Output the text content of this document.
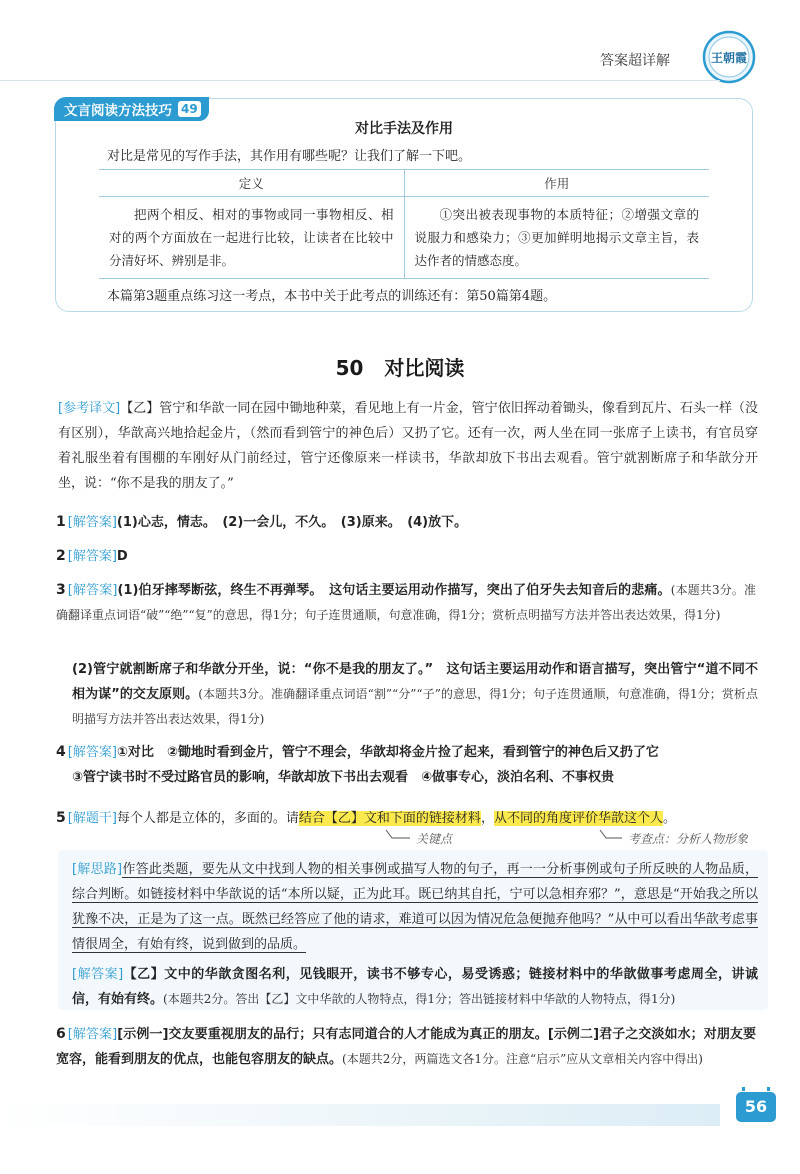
答案超详解	王朝霞
文言阅读方法技巧 49
对比手法及作用
对比是常见的写作手法，其作用有哪些呢？让我们了解一下吧。
定义	作用
把两个相反、相对的事物或同一事物相反、相对的两个方面放在一起进行比较，让读者在比较中分清好坏、辨别是非。	①突出被表现事物的本质特征；②增强文章的说服力和感染力；③更加鲜明地揭示文章主旨，表达作者的情感态度。
本篇第3题重点练习这一考点，本书中关于此考点的训练还有：第50篇第4题。
50 对比阅读
[参考译文]【乙】管宁和华歆一同在园中锄地种菜，看见地上有一片金，管宁依旧挥动着锄头，像看到瓦片、石头一样（没有区别），华歆高兴地拾起金片，（然而看到管宁的神色后）又扔了它。还有一次，两人坐在同一张席子上读书，有官员穿着礼服坐着有围棚的车刚好从门前经过，管宁还像原来一样读书，华歆却放下书出去观看。管宁就割断席子和华歆分开坐，说：“你不是我的朋友了。”
1 [解答案](1)心志，情志。　(2)一会儿，不久。　(3)原来。　(4)放下。
2 [解答案]D
3 [解答案](1)伯牙摔琴断弦，终生不再弹琴。　这句话主要运用动作描写，突出了伯牙失去知音后的悲痛。(本题共3分。准确翻译重点词语“破”“绝”“复”的意思，得1分；句子连贯通顺，句意准确，得1分；赏析点明描写方法并答出表达效果，得1分)
(2)管宁就割断席子和华歆分开坐，说：“你不是我的朋友了。”　这句话主要运用动作和语言描写，突出管宁“道不同不相为谋”的交友原则。(本题共3分。准确翻译重点词语“割”“分”“子”的意思，得1分；句子连贯通顺，句意准确，得1分；赏析点明描写方法并答出表达效果，得1分)
4 [解答案]①对比　②锄地时看到金片，管宁不理会，华歆却将金片捡了起来，看到管宁的神色后又扔了它
③管宁读书时不受过路官员的影响，华歆却放下书出去观看　④做事专心，淡泊名利、不事权贵
5 [解题干]每个人都是立体的，多面的。请结合【乙】文和下面的链接材料，从不同的角度评价华歆这个人。
关键点	考查点：分析人物形象
[解思路]作答此类题，要先从文中找到人物的相关事例或描写人物的句子，再一一分析事例或句子所反映的人物品质，综合判断。如链接材料中华歆说的话“本所以疑，正为此耳。既已纳其自托，宁可以急相弃邪？”，意思是“开始我之所以犹豫不决，正是为了这一点。既然已经答应了他的请求，难道可以因为情况危急便抛弃他吗？”从中可以看出华歆考虑事情很周全，有始有终，说到做到的品质。
[解答案]【乙】文中的华歆贪图名利，见钱眼开，读书不够专心，易受诱惑；链接材料中的华歆做事考虑周全，讲诚信，有始有终。(本题共2分。答出【乙】文中华歆的人物特点，得1分；答出链接材料中华歆的人物特点，得1分)
6 [解答案][示例一]交友要重视朋友的品行；只有志同道合的人才能成为真正的朋友。[示例二]君子之交淡如水；对朋友要宽容，能看到朋友的优点，也能包容朋友的缺点。(本题共2分，两篇选文各1分。注意“启示”应从文章相关内容中得出)
56
